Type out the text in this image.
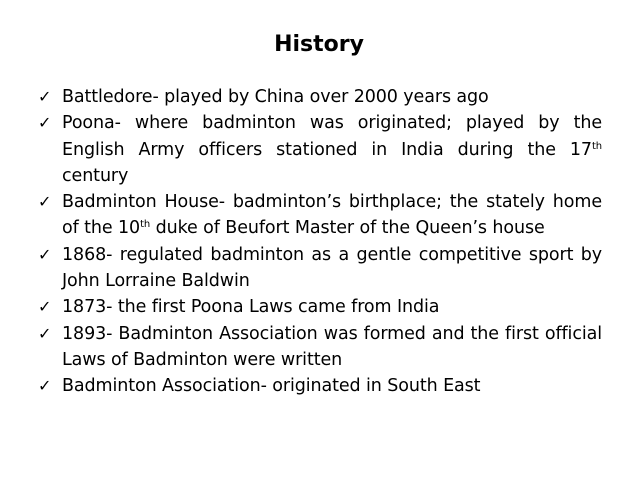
History
✓ Battledore- played by China over 2000 years ago
✓ Poona- where badminton was originated; played by the English Army officers stationed in India during the 17th century
✓ Badminton House- badminton’s birthplace; the stately home of the 10th duke of Beufort Master of the Queen’s house
✓ 1868- regulated badminton as a gentle competitive sport by John Lorraine Baldwin
✓ 1873- the first Poona Laws came from India
✓ 1893- Badminton Association was formed and the first official Laws of Badminton were written
✓ Badminton Association- originated in South East
